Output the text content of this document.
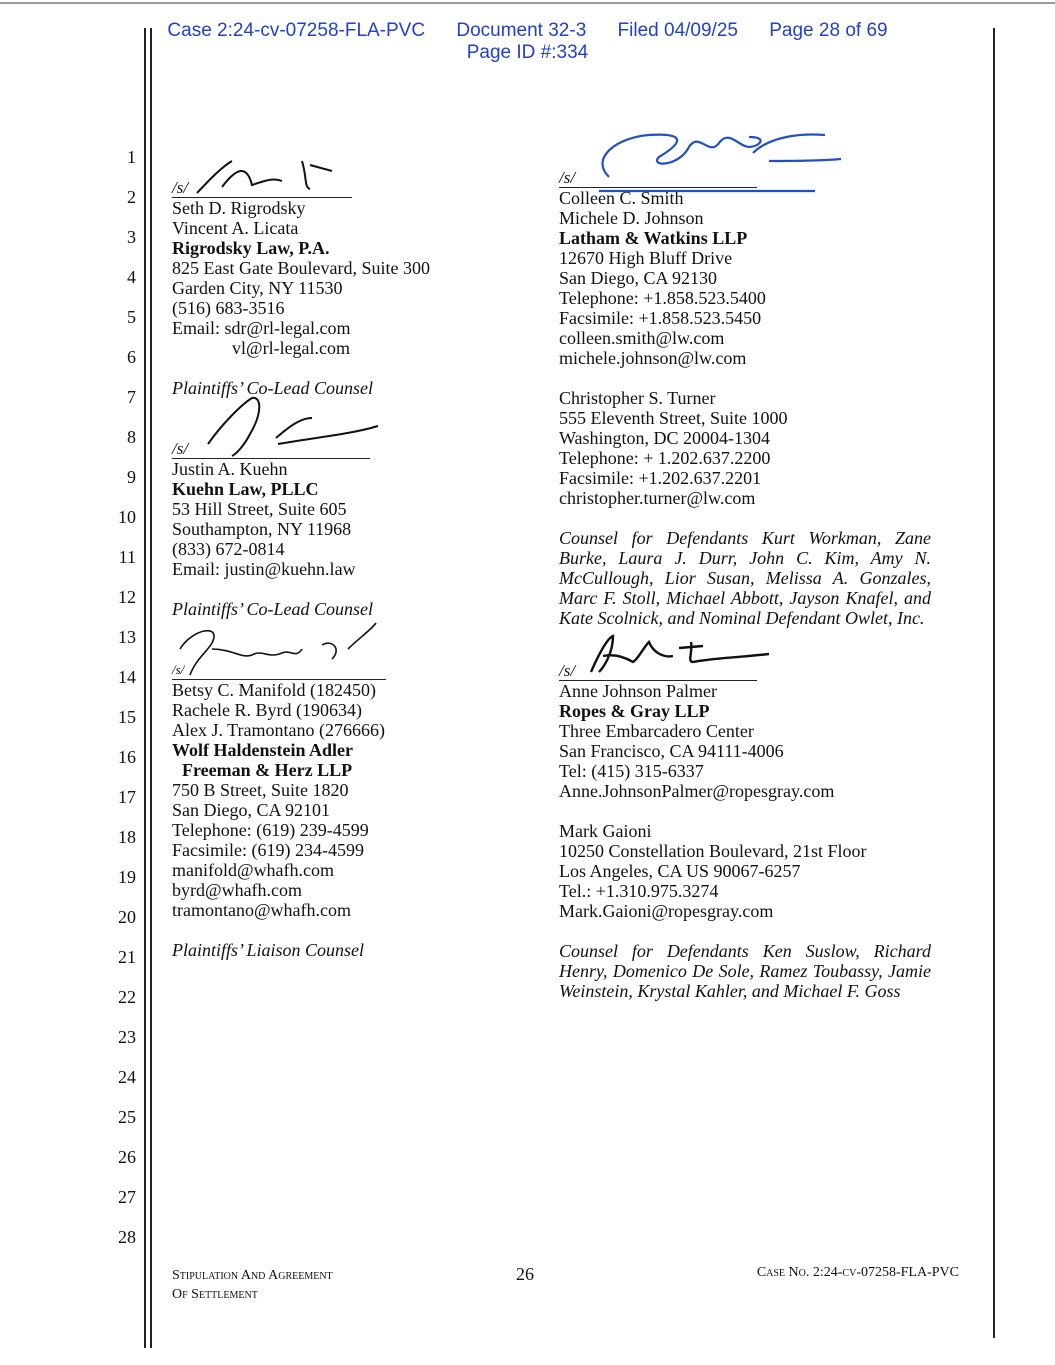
Case 2:24-cv-07258-FLA-PVC Document 32-3 Filed 04/09/25 Page 28 of 69
Page ID #:334
1
2
3
4
5
6
7
8
9
10
11
12
13
14
15
16
17
18
19
20
21
22
23
24
25
26
27
28
/s/
Seth D. Rigrodsky
Vincent A. Licata
Rigrodsky Law, P.A.
825 East Gate Boulevard, Suite 300
Garden City, NY 11530
(516) 683-3516
Email: sdr@rl-legal.com
vl@rl-legal.com
Plaintiffs’ Co-Lead Counsel
/s/
Justin A. Kuehn
Kuehn Law, PLLC
53 Hill Street, Suite 605
Southampton, NY 11968
(833) 672-0814
Email: justin@kuehn.law
Plaintiffs’ Co-Lead Counsel
/s/
Betsy C. Manifold (182450)
Rachele R. Byrd (190634)
Alex J. Tramontano (276666)
Wolf Haldenstein Adler
Freeman & Herz LLP
750 B Street, Suite 1820
San Diego, CA 92101
Telephone: (619) 239-4599
Facsimile: (619) 234-4599
manifold@whafh.com
byrd@whafh.com
tramontano@whafh.com
Plaintiffs’ Liaison Counsel
/s/
Colleen C. Smith
Michele D. Johnson
Latham & Watkins LLP
12670 High Bluff Drive
San Diego, CA 92130
Telephone: +1.858.523.5400
Facsimile: +1.858.523.5450
colleen.smith@lw.com
michele.johnson@lw.com
Christopher S. Turner
555 Eleventh Street, Suite 1000
Washington, DC 20004-1304
Telephone: + 1.202.637.2200
Facsimile: +1.202.637.2201
christopher.turner@lw.com
Counsel for Defendants Kurt Workman, Zane Burke, Laura J. Durr, John C. Kim, Amy N. McCullough, Lior Susan, Melissa A. Gonzales, Marc F. Stoll, Michael Abbott, Jayson Knafel, and Kate Scolnick, and Nominal Defendant Owlet, Inc.
/s/
Anne Johnson Palmer
Ropes & Gray LLP
Three Embarcadero Center
San Francisco, CA 94111-4006
Tel: (415) 315-6337
Anne.JohnsonPalmer@ropesgray.com
Mark Gaioni
10250 Constellation Boulevard, 21st Floor
Los Angeles, CA US 90067-6257
Tel.: +1.310.975.3274
Mark.Gaioni@ropesgray.com
Counsel for Defendants Ken Suslow, Richard Henry, Domenico De Sole, Ramez Toubassy, Jamie Weinstein, Krystal Kahler, and Michael F. Goss
Stipulation And Agreement
Of Settlement
26	Case No. 2:24-cv-07258-FLA-PVC
